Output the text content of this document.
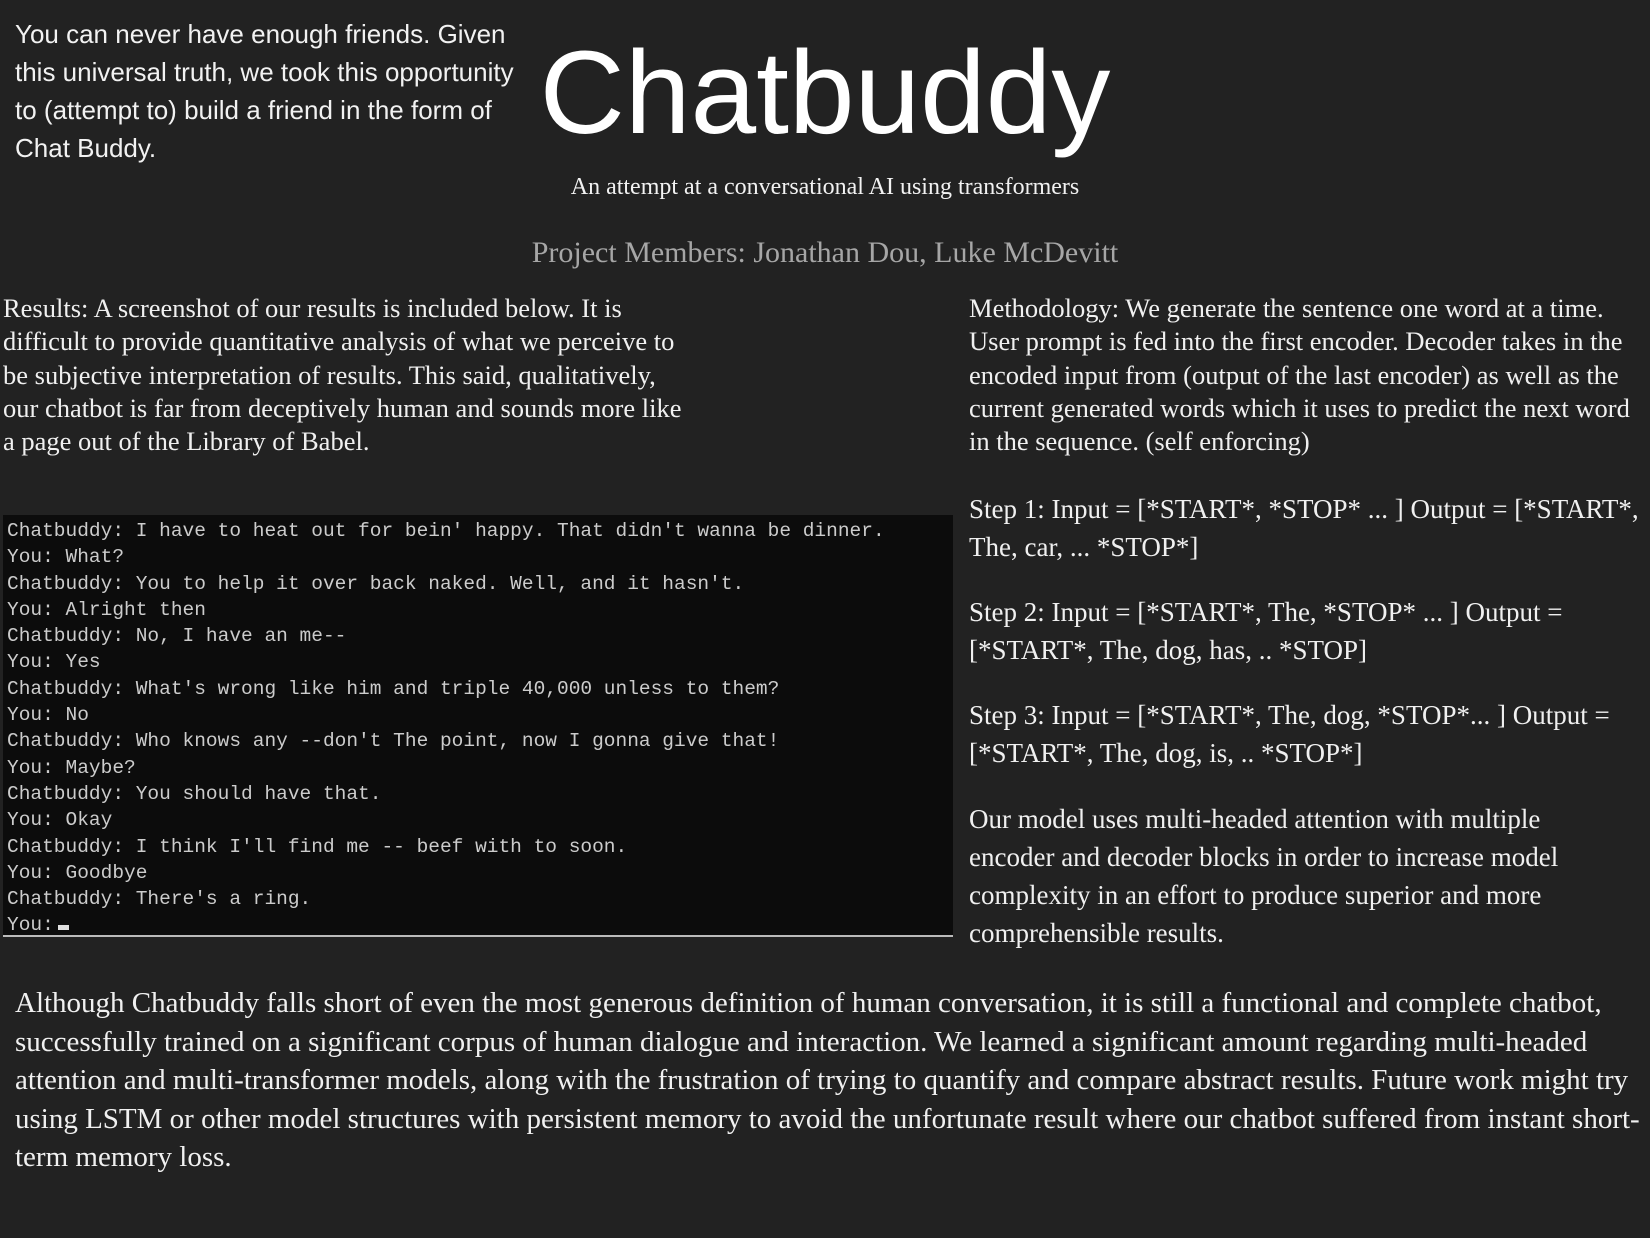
You can never have enough friends. Given this universal truth, we took this opportunity to (attempt to) build a friend in the form of Chat Buddy.	Chatbuddy
An attempt at a conversational AI using transformers
Project Members: Jonathan Dou, Luke McDevitt
Results: A screenshot of our results is included below. It is difficult to provide quantitative analysis of what we perceive to be subjective interpretation of results. This said, qualitatively, our chatbot is far from deceptively human and sounds more like a page out of the Library of Babel.
Methodology: We generate the sentence one word at a time. User prompt is fed into the first encoder. Decoder takes in the encoded input from (output of the last encoder) as well as the current generated words which it uses to predict the next word in the sequence. (self enforcing)
Step 1: Input = [*START*, *STOP* ... ] Output = [*START*, The, car, ... *STOP*]
Step 2: Input = [*START*, The, *STOP* ... ] Output = [*START*, The, dog, has, .. *STOP]
Step 3: Input = [*START*, The, dog, *STOP*... ] Output = [*START*, The, dog, is, .. *STOP*]
Our model uses multi-headed attention with multiple encoder and decoder blocks in order to increase model complexity in an effort to produce superior and more comprehensible results.
Chatbuddy: I have to heat out for bein' happy. That didn't wanna be dinner.
You: What?
Chatbuddy: You to help it over back naked. Well, and it hasn't.
You: Alright then
Chatbuddy: No, I have an me--
You: Yes
Chatbuddy: What's wrong like him and triple 40,000 unless to them?
You: No
Chatbuddy: Who knows any --don't The point, now I gonna give that!
You: Maybe?
Chatbuddy: You should have that.
You: Okay
Chatbuddy: I think I'll find me -- beef with to soon.
You: Goodbye
Chatbuddy: There's a ring.
You:
Although Chatbuddy falls short of even the most generous definition of human conversation, it is still a functional and complete chatbot, successfully trained on a significant corpus of human dialogue and interaction. We learned a significant amount regarding multi-headed attention and multi-transformer models, along with the frustration of trying to quantify and compare abstract results. Future work might try using LSTM or other model structures with persistent memory to avoid the unfortunate result where our chatbot suffered from instant short-term memory loss.
